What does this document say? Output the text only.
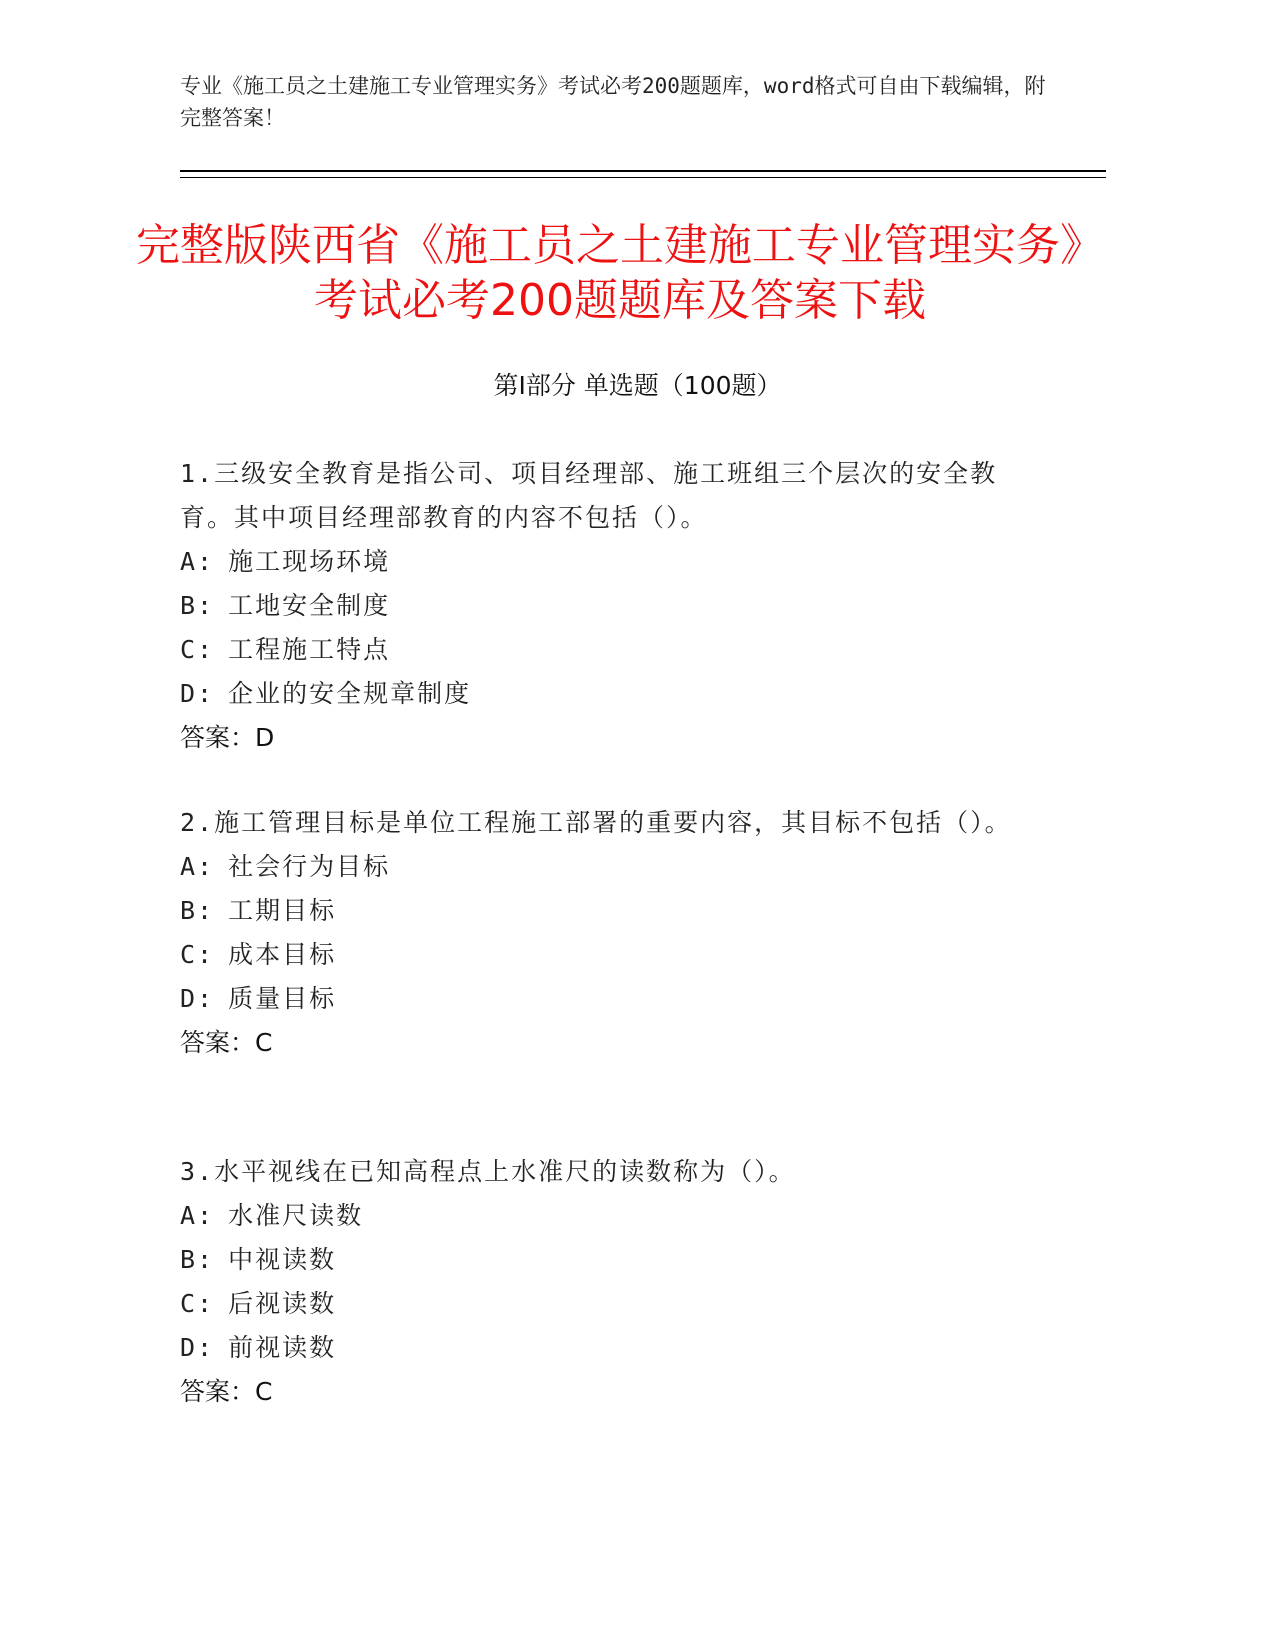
专业《施工员之土建施工专业管理实务》考试必考200题题库，word格式可自由下载编辑，附完整答案！
完整版陕西省《施工员之土建施工专业管理实务》考试必考200题题库及答案下载
第Ⅰ部分 单选题（100题）
1.三级安全教育是指公司、项目经理部、施工班组三个层次的安全教育。其中项目经理部教育的内容不包括（）。
A: 施工现场环境
B: 工地安全制度
C: 工程施工特点
D: 企业的安全规章制度
答案：D
2.施工管理目标是单位工程施工部署的重要内容，其目标不包括（）。
A: 社会行为目标
B: 工期目标
C: 成本目标
D: 质量目标
答案：C
3.水平视线在已知高程点上水准尺的读数称为（）。
A: 水准尺读数
B: 中视读数
C: 后视读数
D: 前视读数
答案：C
